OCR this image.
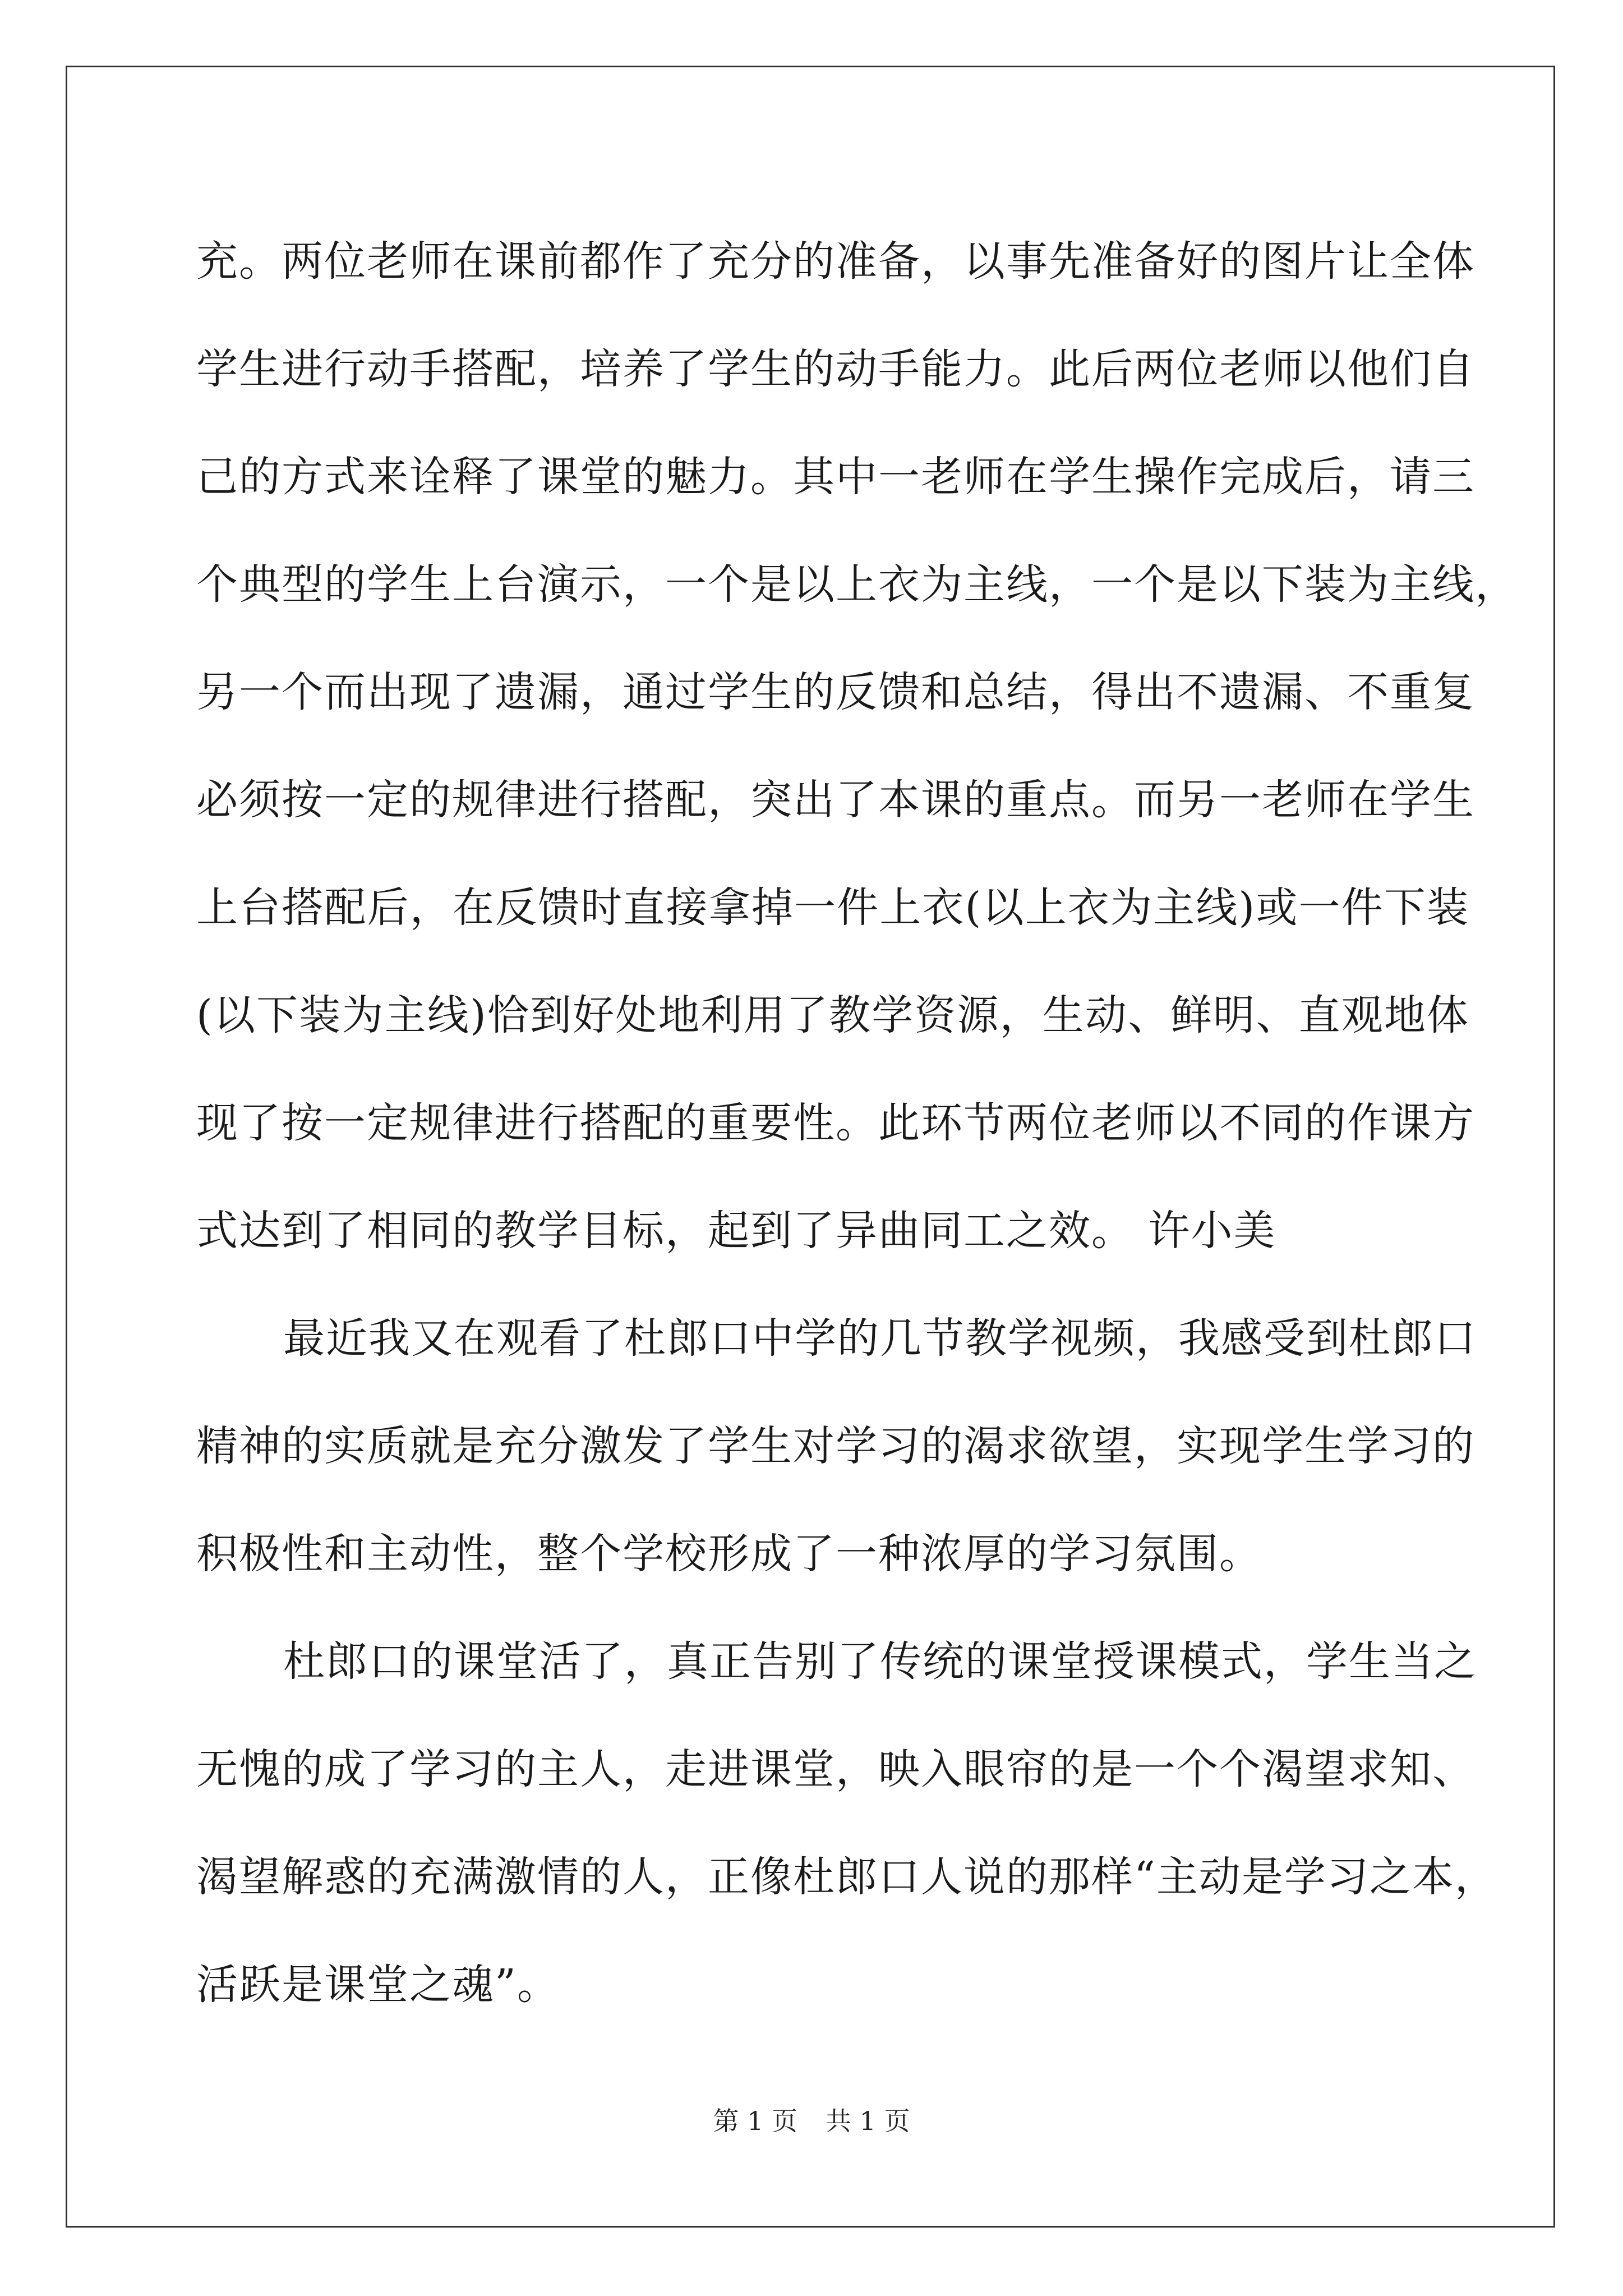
充。两位老师在课前都作了充分的准备，以事先准备好的图片让全体
学生进行动手搭配，培养了学生的动手能力。此后两位老师以他们自
己的方式来诠释了课堂的魅力。其中一老师在学生操作完成后，请三
个典型的学生上台演示，一个是以上衣为主线，一个是以下装为主线，
另一个而出现了遗漏，通过学生的反馈和总结，得出不遗漏、不重复
必须按一定的规律进行搭配，突出了本课的重点。而另一老师在学生
上台搭配后，在反馈时直接拿掉一件上衣(以上衣为主线)或一件下装
(以下装为主线)恰到好处地利用了教学资源，生动、鲜明、直观地体
现了按一定规律进行搭配的重要性。此环节两位老师以不同的作课方
式达到了相同的教学目标，起到了异曲同工之效。 许小美
最近我又在观看了杜郎口中学的几节教学视频，我感受到杜郎口
精神的实质就是充分激发了学生对学习的渴求欲望，实现学生学习的
积极性和主动性，整个学校形成了一种浓厚的学习氛围。
杜郎口的课堂活了，真正告别了传统的课堂授课模式，学生当之
无愧的成了学习的主人，走进课堂，映入眼帘的是一个个渴望求知、
渴望解惑的充满激情的人，正像杜郎口人说的那样“主动是学习之本，
活跃是课堂之魂”。
第 1 页 共 1 页
